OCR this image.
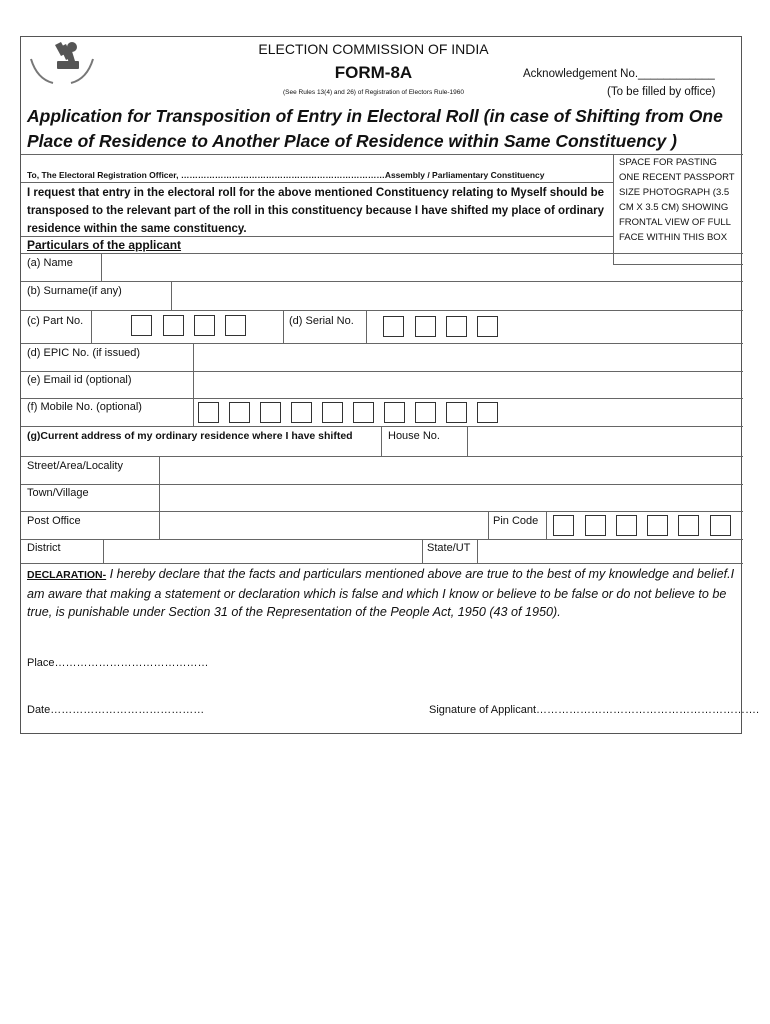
ELECTION COMMISSION OF INDIA
FORM-8A
(See Rules 13(4) and 26) of Registration of Electors Rule-1960
Acknowledgement No.____________
(To be filled by office)
Application for Transposition of Entry in Electoral Roll (in case of Shifting from One Place of Residence to Another Place of Residence within Same Constituency )
To, The Electoral Registration Officer, ………………………………………………………………Assembly / Parliamentary Constituency
SPACE FOR PASTING ONE RECENT PASSPORT SIZE PHOTOGRAPH (3.5 CM X 3.5 CM) SHOWING FRONTAL VIEW OF FULL FACE WITHIN THIS BOX
I request that entry in the electoral roll for the above mentioned Constituency relating to Myself should be transposed to the relevant part of the roll in this constituency because I have shifted my place of ordinary residence within the same constituency.
Particulars of the applicant
(a) Name
(b) Surname(if any)
(c) Part No.	(d) Serial No.
(d) EPIC No. (if issued)
(e) Email id (optional)
(f) Mobile No. (optional)
(g)Current address of my ordinary residence where I have shifted	House No.
Street/Area/Locality
Town/Village
Post Office	Pin Code
District	State/UT
DECLARATION- I hereby declare that the facts and particulars mentioned above are true to the best of my knowledge and belief.I am aware that making a statement or declaration which is false and which I know or believe to be false or do not believe to be true, is punishable under Section 31 of the Representation of the People Act, 1950 (43 of 1950).
Place……………………………………
Date……………………………………	Signature of Applicant…………………………………………………….
